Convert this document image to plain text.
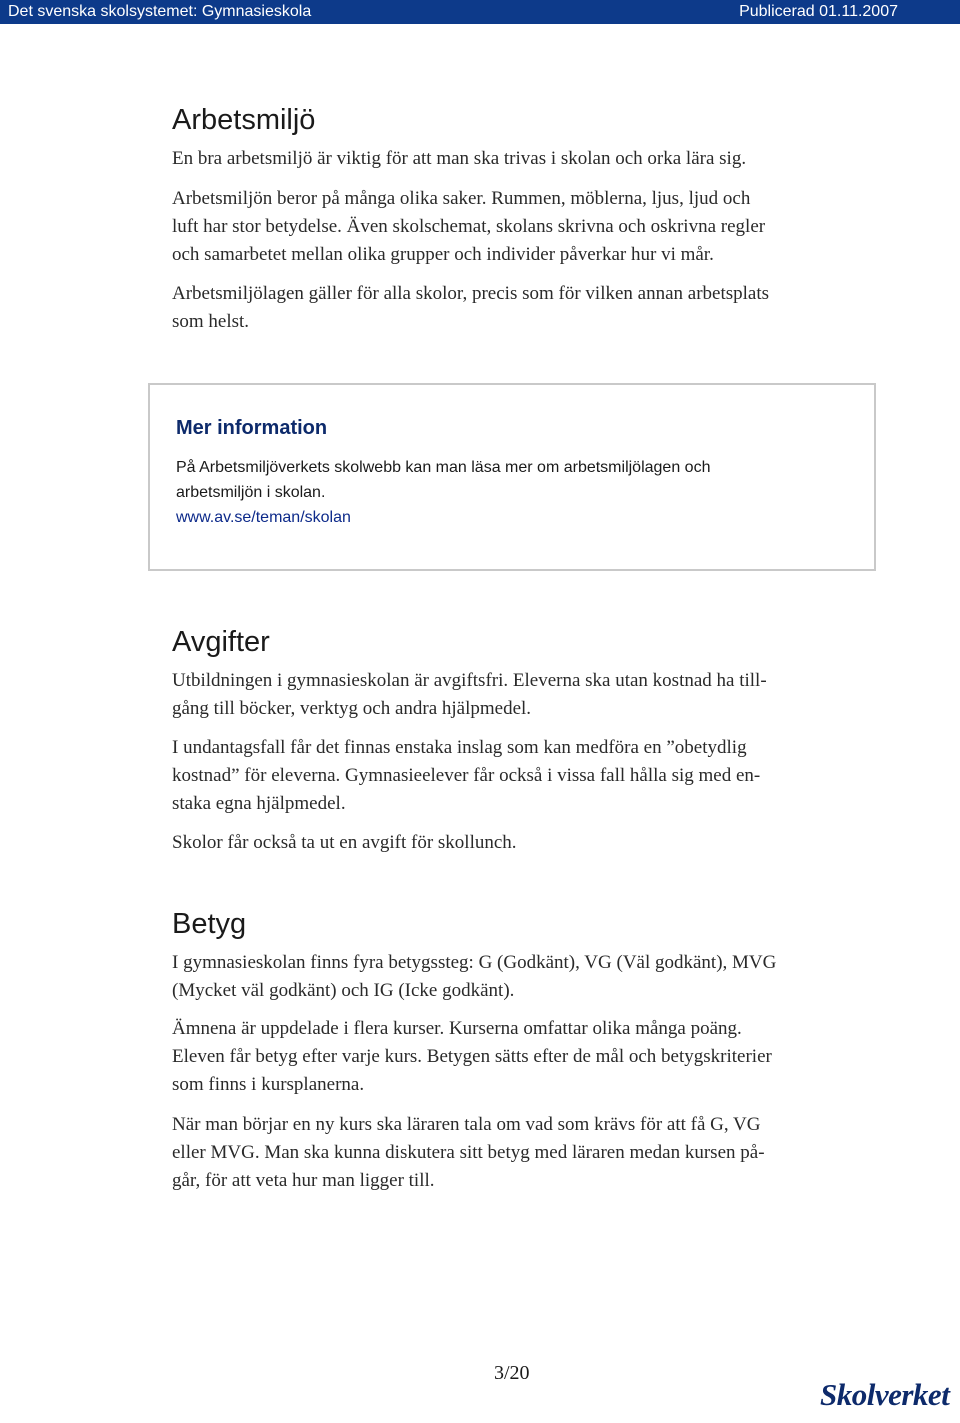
Det svenska skolsystemet: Gymnasieskola	Publicerad 01.11.2007
Arbetsmiljö

En bra arbetsmiljö är viktig för att man ska trivas i skolan och orka lära sig.

Arbetsmiljön beror på många olika saker. Rummen, möblerna, ljus, ljud och
luft har stor betydelse. Även skolschemat, skolans skrivna och oskrivna regler
och samarbetet mellan olika grupper och individer påverkar hur vi mår.

Arbetsmiljölagen gäller för alla skolor, precis som för vilken annan arbetsplats
som helst.

Mer information

På Arbetsmiljöverkets skolwebb kan man läsa mer om arbetsmiljölagen och
arbetsmiljön i skolan.

www.av.se/teman/skolan
Avgifter

Utbildningen i gymnasieskolan är avgiftsfri. Eleverna ska utan kostnad ha till-
gång till böcker, verktyg och andra hjälpmedel.

I undantagsfall får det finnas enstaka inslag som kan medföra en ”obetydlig
kostnad” för eleverna. Gymnasieelever får också i vissa fall hålla sig med en-
staka egna hjälpmedel.

Skolor får också ta ut en avgift för skollunch.

Betyg

I gymnasieskolan finns fyra betygssteg: G (Godkänt), VG (Väl godkänt), MVG
(Mycket väl godkänt) och IG (Icke godkänt).

Ämnena är uppdelade i flera kurser. Kurserna omfattar olika många poäng.
Eleven får betyg efter varje kurs. Betygen sätts efter de mål och betygskriterier
som finns i kursplanerna.

När man börjar en ny kurs ska läraren tala om vad som krävs för att få G, VG
eller MVG. Man ska kunna diskutera sitt betyg med läraren medan kursen på-
går, för att veta hur man ligger till.

3/20
Skolverket
